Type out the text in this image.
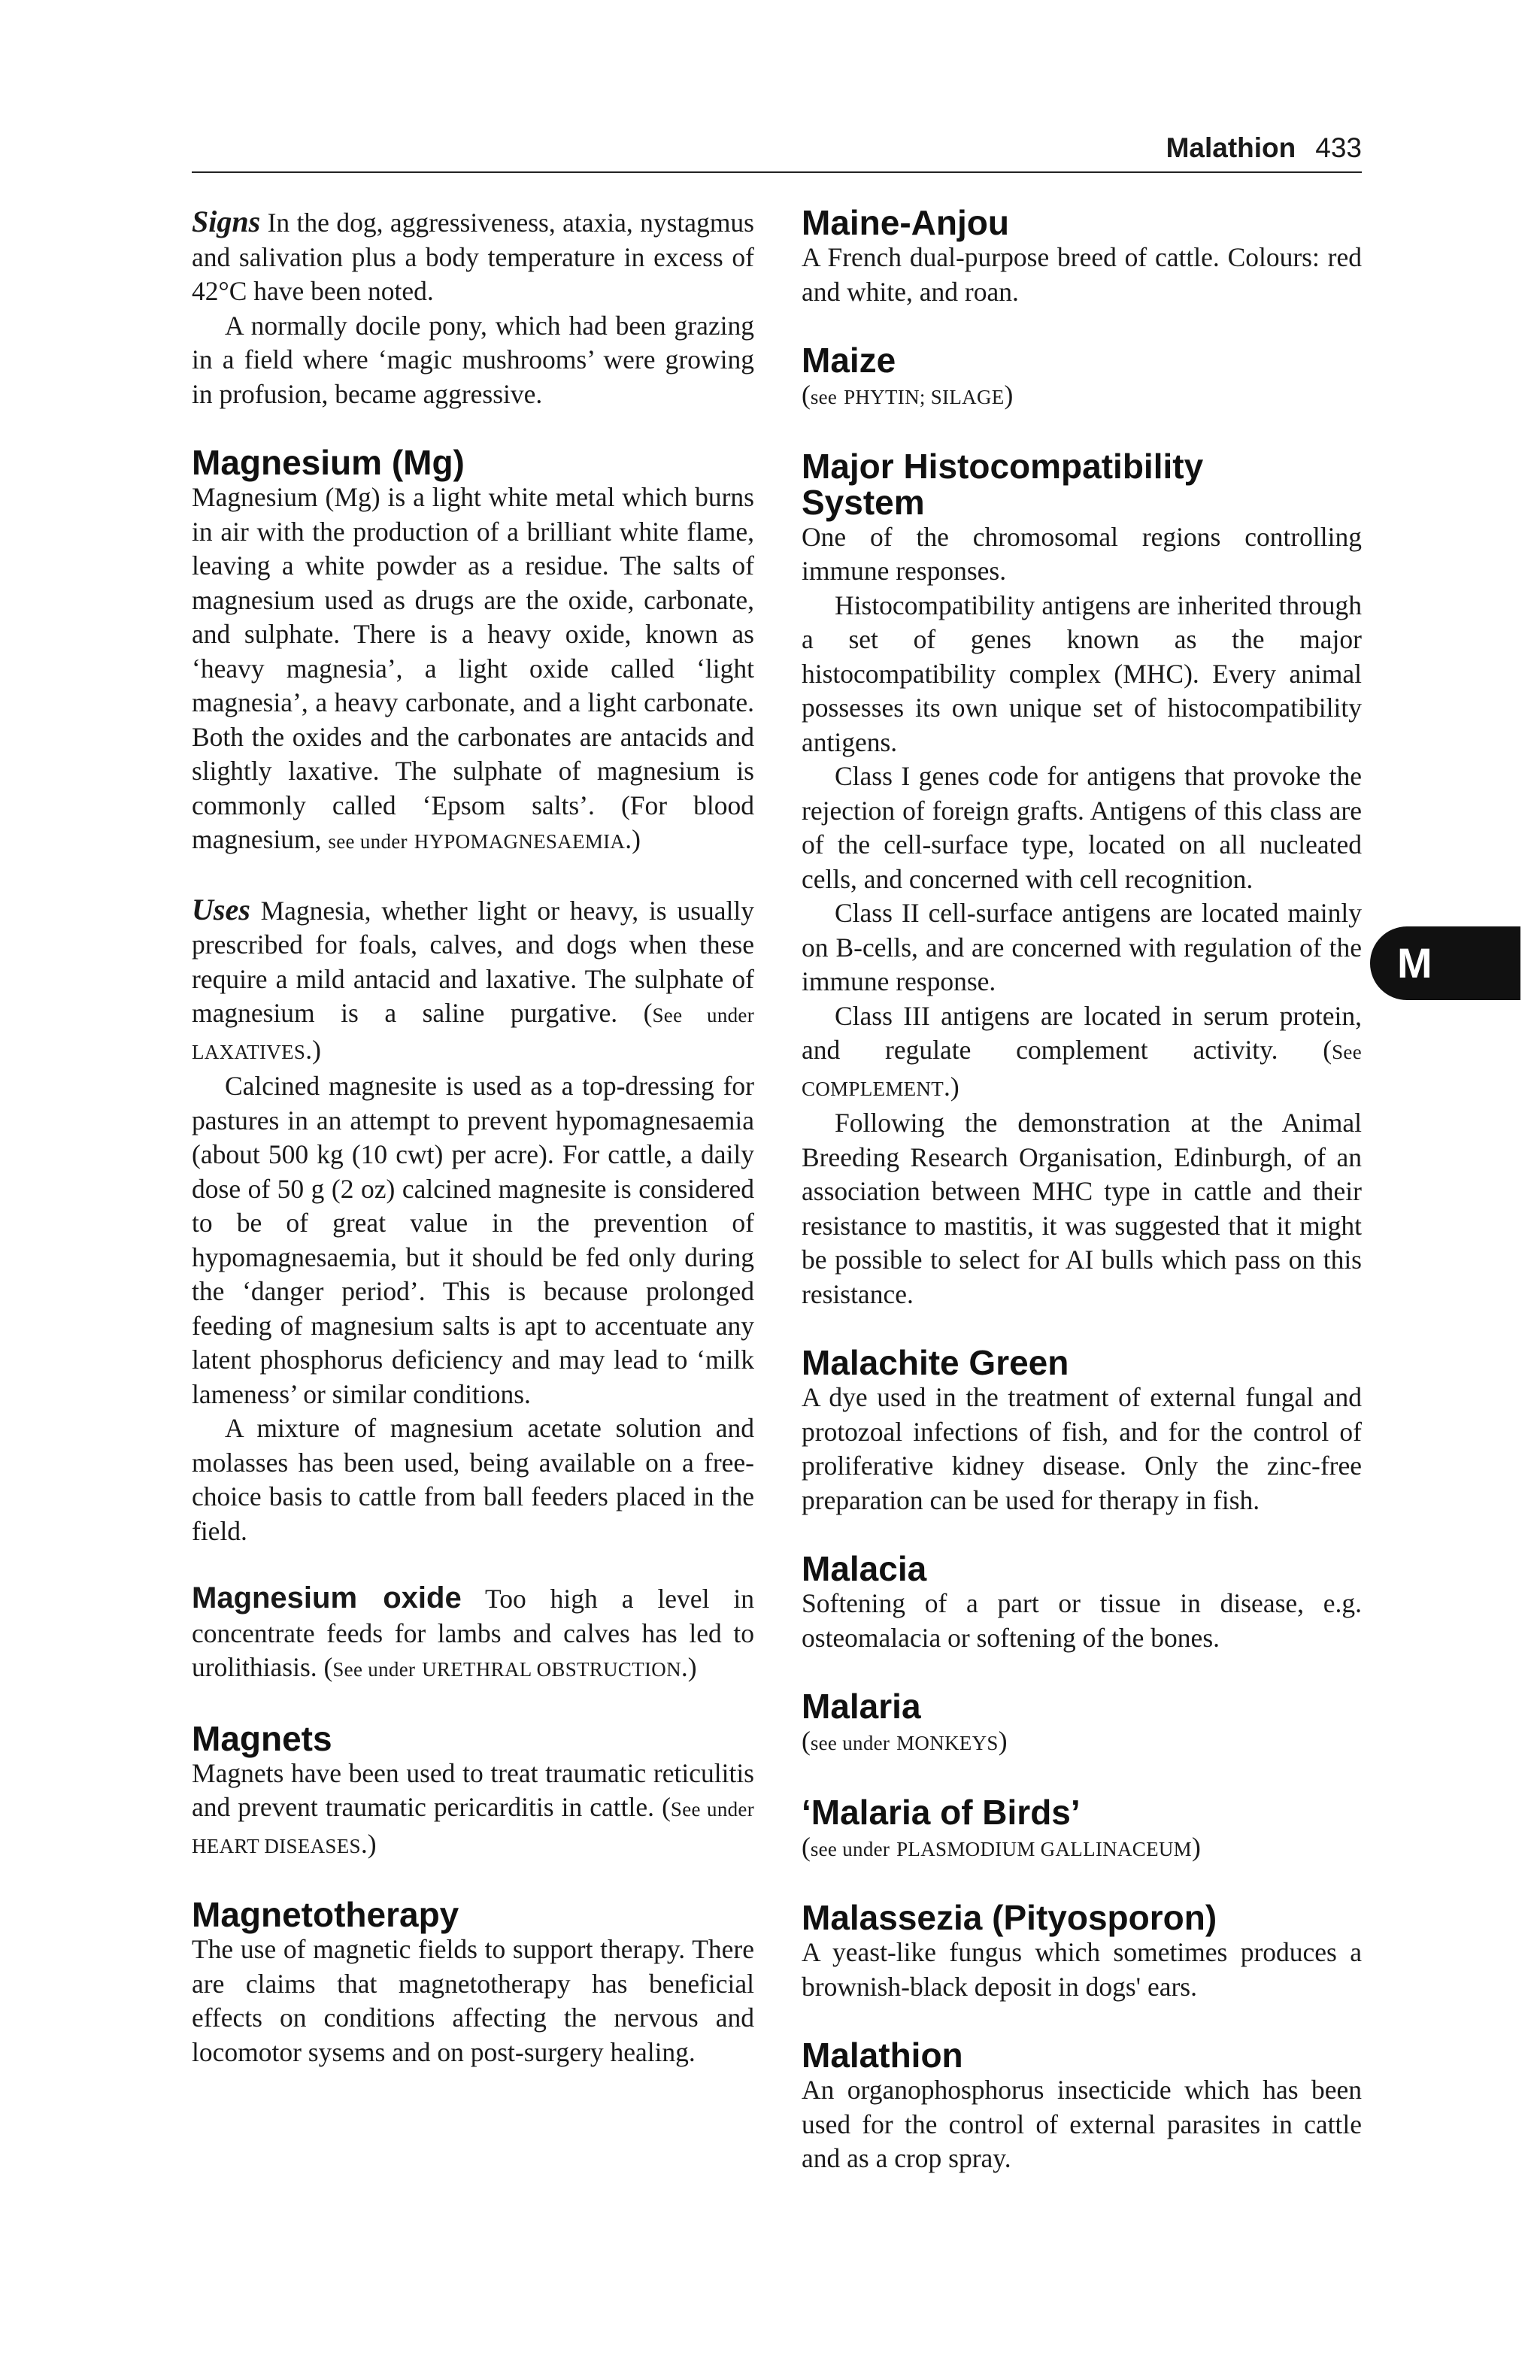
Malathion 433
M

Signs In the dog, aggressiveness, ataxia, nystagmus and salivation plus a body temperature in excess of 42°C have been noted.

A normally docile pony, which had been grazing in a field where ‘magic mushrooms’ were growing in profusion, became aggressive.

Magnesium (Mg)

Magnesium (Mg) is a light white metal which burns in air with the production of a brilliant white flame, leaving a white powder as a residue. The salts of magnesium used as drugs are the oxide, carbonate, and sulphate. There is a heavy oxide, known as ‘heavy magnesia’, a light oxide called ‘light magnesia’, a heavy carbonate, and a light carbonate. Both the oxides and the carbonates are antacids and slightly laxative. The sulphate of magnesium is commonly called ‘Epsom salts’. (For blood magnesium, see under HYPOMAGNESAEMIA.)

Uses Magnesia, whether light or heavy, is usually prescribed for foals, calves, and dogs when these require a mild antacid and laxative. The sulphate of magnesium is a saline purgative. (See under LAXATIVES.)

Calcined magnesite is used as a top-dressing for pastures in an attempt to prevent hypomagnesaemia (about 500 kg (10 cwt) per acre). For cattle, a daily dose of 50 g (2 oz) calcined magnesite is considered to be of great value in the prevention of hypomagnesaemia, but it should be fed only during the ‘danger period’. This is because prolonged feeding of magnesium salts is apt to accentuate any latent phosphorus deficiency and may lead to ‘milk lameness’ or similar conditions.

A mixture of magnesium acetate solution and molasses has been used, being available on a free-choice basis to cattle from ball feeders placed in the field.

Magnesium oxide Too high a level in concentrate feeds for lambs and calves has led to urolithiasis. (See under URETHRAL OBSTRUCTION.)

Magnets

Magnets have been used to treat traumatic reticulitis and prevent traumatic pericarditis in cattle. (See under HEART DISEASES.)

Magnetotherapy

The use of magnetic fields to support therapy. There are claims that magnetotherapy has beneficial effects on conditions affecting the nervous and locomotor sysems and on post-surgery healing.

Maine-Anjou

A French dual-purpose breed of cattle. Colours: red and white, and roan.

Maize

(see PHYTIN; SILAGE)

Major Histocompatibility System

One of the chromosomal regions controlling immune responses.

Histocompatibility antigens are inherited through a set of genes known as the major histocompatibility complex (MHC). Every animal possesses its own unique set of histocompatibility antigens.

Class I genes code for antigens that provoke the rejection of foreign grafts. Antigens of this class are of the cell-surface type, located on all nucleated cells, and concerned with cell recognition.

Class II cell-surface antigens are located mainly on B-cells, and are concerned with regulation of the immune response.

Class III antigens are located in serum protein, and regulate complement activity. (See COMPLEMENT.)

Following the demonstration at the Animal Breeding Research Organisation, Edinburgh, of an association between MHC type in cattle and their resistance to mastitis, it was suggested that it might be possible to select for AI bulls which pass on this resistance.

Malachite Green

A dye used in the treatment of external fungal and protozoal infections of fish, and for the control of proliferative kidney disease. Only the zinc-free preparation can be used for therapy in fish.

Malacia

Softening of a part or tissue in disease, e.g. osteomalacia or softening of the bones.

Malaria

(see under MONKEYS)

‘Malaria of Birds’

(see under PLASMODIUM GALLINACEUM)

Malassezia (Pityosporon)

A yeast-like fungus which sometimes produces a brownish-black deposit in dogs' ears.

Malathion

An organophosphorus insecticide which has been used for the control of external parasites in cattle and as a crop spray.
